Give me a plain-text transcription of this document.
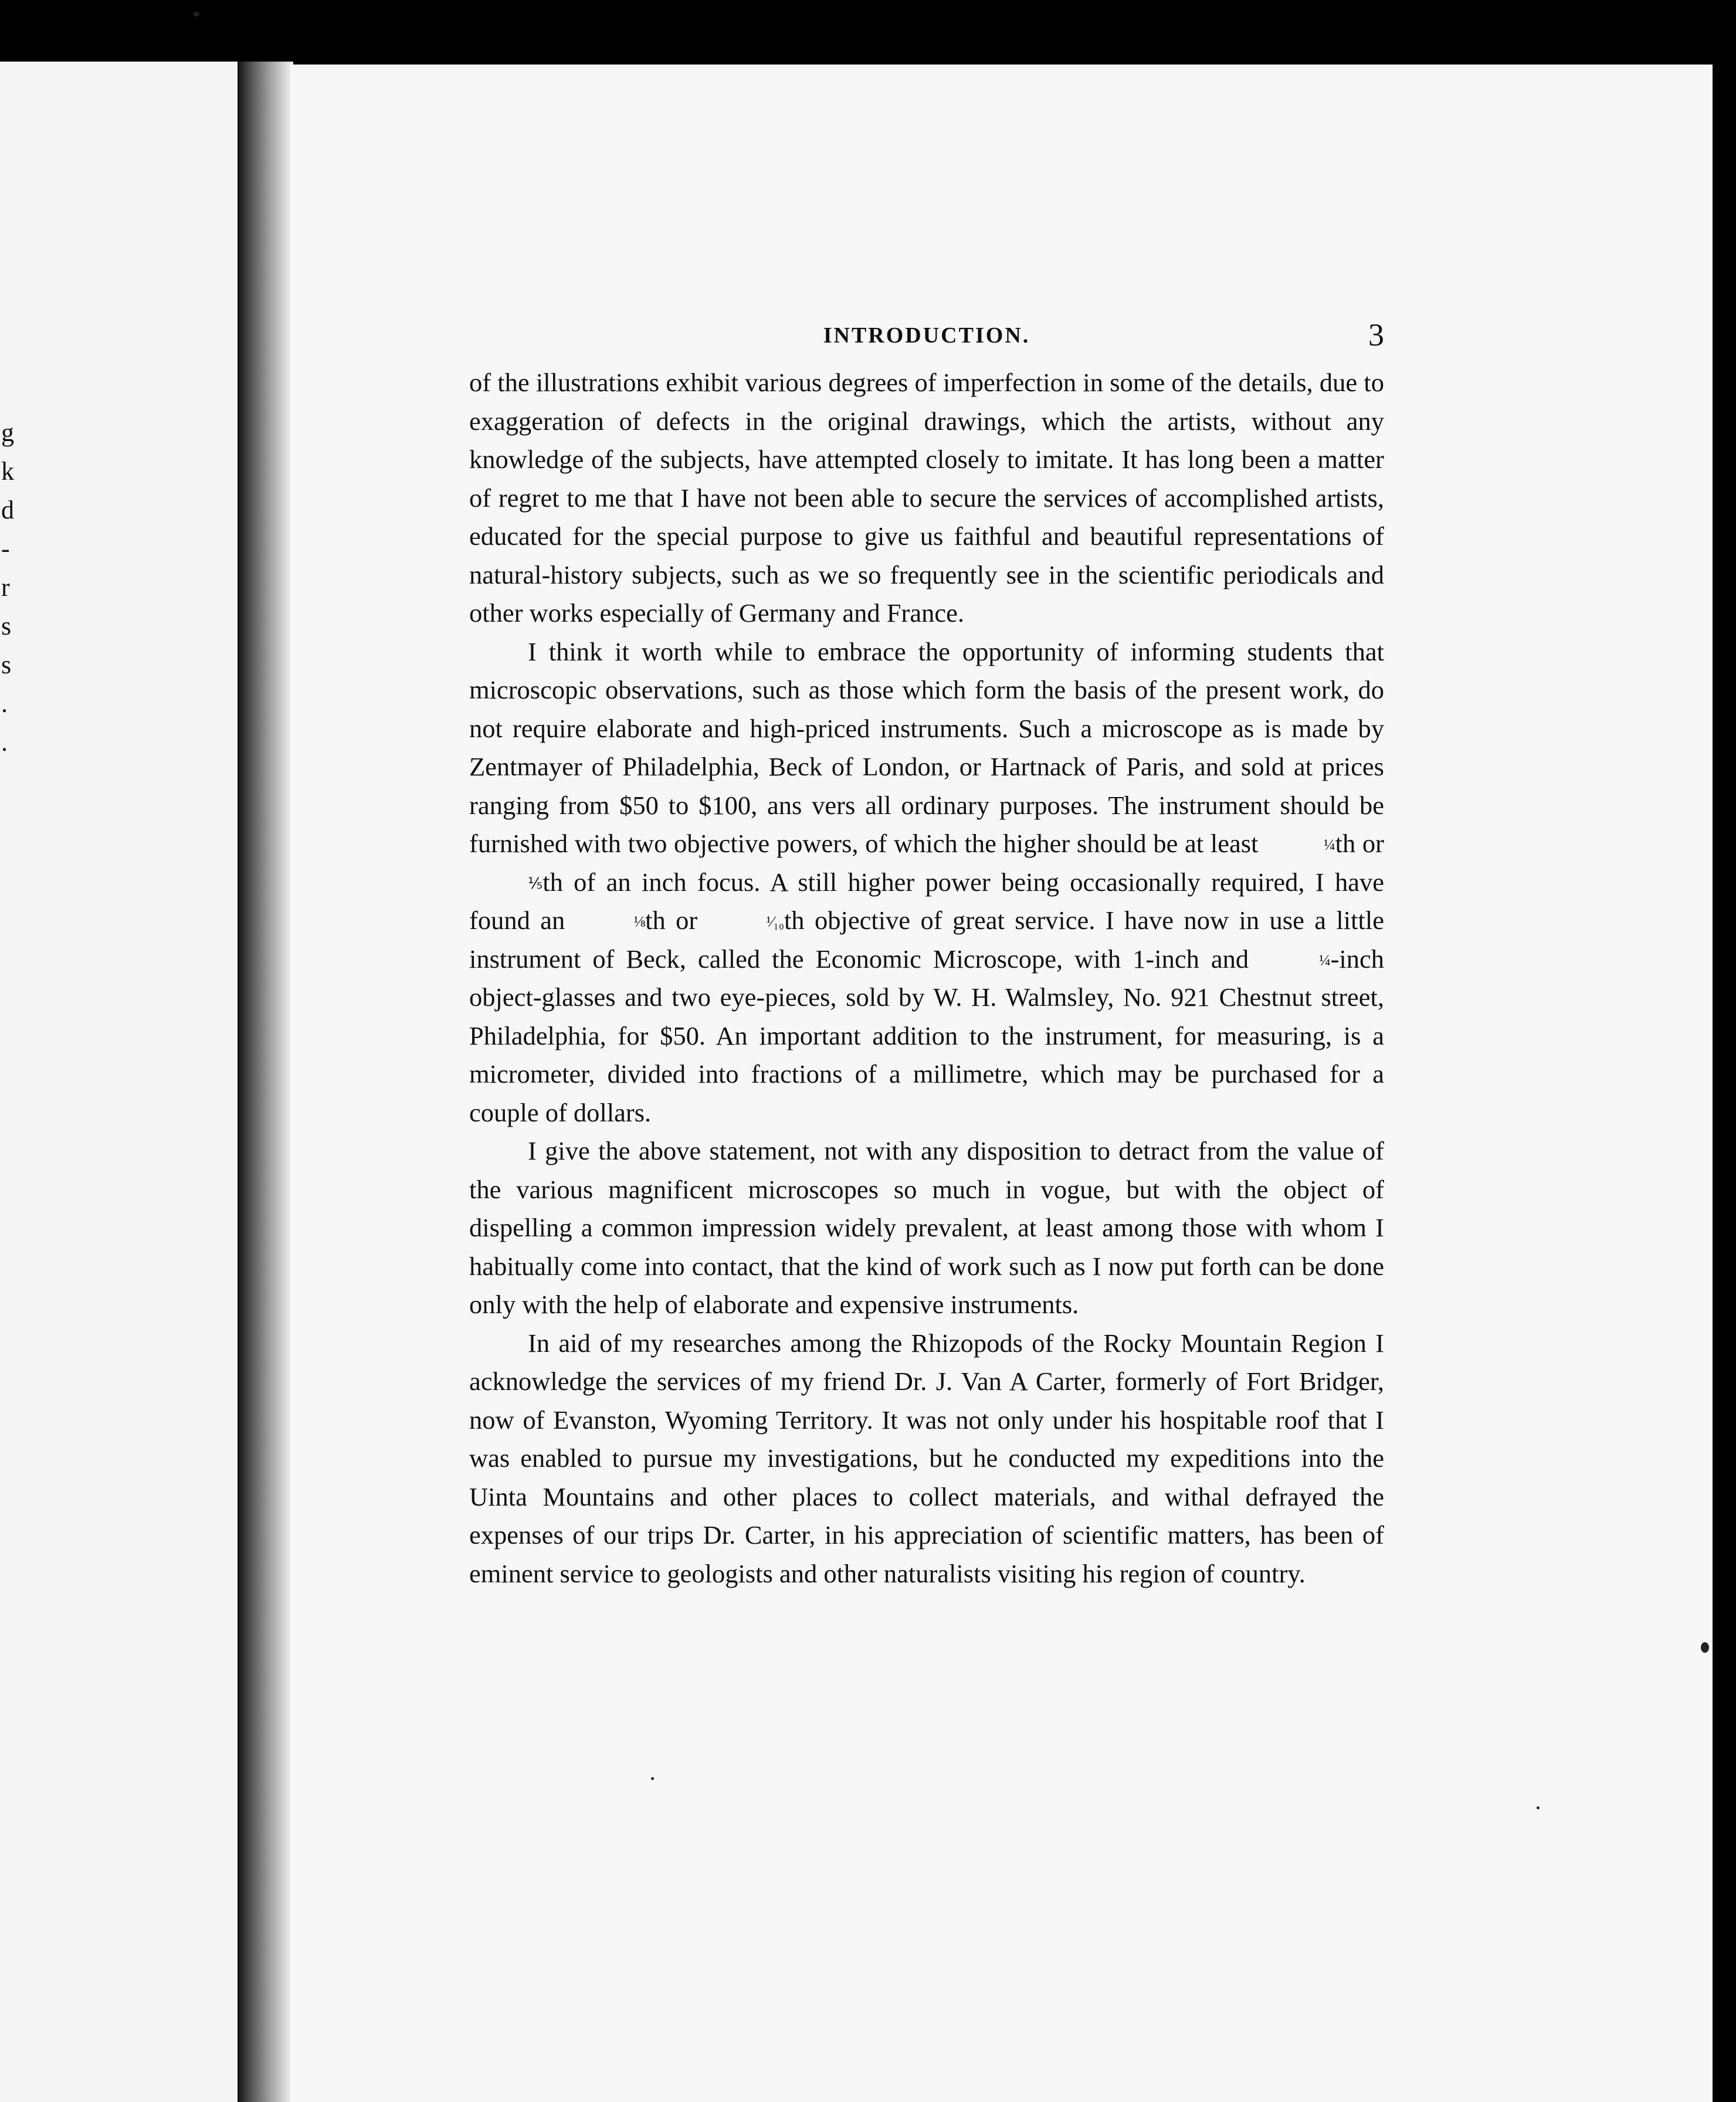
g
k
d
-
r
s
s
.
.
INTRODUCTION.	3

of the illustrations exhibit various degrees of imperfection in some of the details, due to exaggeration of defects in the original drawings, which the artists, without any knowledge of the subjects, have attempted closely to imitate. It has long been a matter of regret to me that I have not been able to secure the services of accomplished artists, educated for the special purpose to give us faithful and beautiful representations of natural-history subjects, such as we so frequently see in the scientific periodicals and other works especially of Germany and France.

I think it worth while to embrace the opportunity of informing students that microscopic observations, such as those which form the basis of the present work, do not require elaborate and high-priced instruments. Such a microscope as is made by Zentmayer of Philadelphia, Beck of London, or Hartnack of Paris, and sold at prices ranging from $50 to $100, ans vers all ordinary purposes. The instrument should be furnished with two objective powers, of which the higher should be at least	¼th or ⅕th of an inch focus. A still higher power being occasionally required, I have found an	⅛th or	¹⁄₁₀th objective of great service. I have now in use a little instrument of Beck, called the Economic Microscope, with 1-inch and	¼-inch object-glasses and two eye-pieces, sold by W. H. Walmsley, No. 921 Chestnut street, Philadelphia, for $50. An important addition to the instrument, for measuring, is a micrometer, divided into fractions of a millimetre, which may be purchased for a couple of dollars.

I give the above statement, not with any disposition to detract from the value of the various magnificent microscopes so much in vogue, but with the object of dispelling a common impression widely prevalent, at least among those with whom I habitually come into contact, that the kind of work such as I now put forth can be done only with the help of elaborate and expensive instruments.

In aid of my researches among the Rhizopods of the Rocky Mountain Region I acknowledge the services of my friend Dr. J. Van A Carter, formerly of Fort Bridger, now of Evanston, Wyoming Territory. It was not only under his hospitable roof that I was enabled to pursue my investigations, but he conducted my expeditions into the Uinta Mountains and other places to collect materials, and withal defrayed the expenses of our trips Dr. Carter, in his appreciation of scientific matters, has been of eminent service to geologists and other naturalists visiting his region of country.
